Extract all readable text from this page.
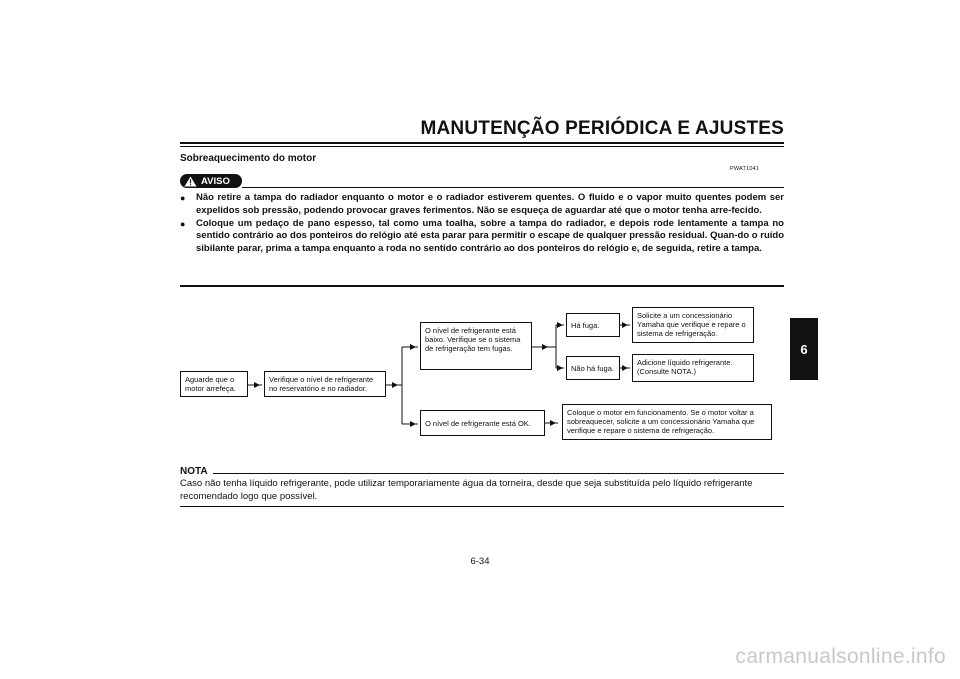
MANUTENÇÃO PERIÓDICA E AJUSTES
Sobreaquecimento do motor
PWAT1041
AVISO
●	Não retire a tampa do radiador enquanto o motor e o radiador estiverem quentes. O fluido e o vapor muito quentes podem ser expelidos sob pressão, podendo provocar graves ferimentos. Não se esqueça de aguardar até que o motor tenha arre-fecido.
●	Coloque um pedaço de pano espesso, tal como uma toalha, sobre a tampa do radiador, e depois rode lentamente a tampa no sentido contrário ao dos ponteiros do relógio até esta parar para permitir o escape de qualquer pressão residual. Quan-do o ruído sibilante parar, prima a tampa enquanto a roda no sentido contrário ao dos ponteiros do relógio e, de seguida, retire a tampa.
Aguarde que o motor arrefeça.
Verifique o nível de refrigerante no reservatório e no radiador.
O nível de refrigerante está baixo. Verifique se o sistema de refrigeração tem fugas.
O nível de refrigerante está OK.
Há fuga.
Não há fuga.
Solicite a um concessionário Yamaha que verifique e repare o sistema de refrigeração.
Adicione líquido refrigerante. (Consulte NOTA.)
Coloque o motor em funcionamento. Se o motor voltar a sobreaquecer, solicite a um concessionário Yamaha que verifique e repare o sistema de refrigeração.
NOTA
Caso não tenha líquido refrigerante, pode utilizar temporariamente água da torneira, desde que seja substituída pelo líquido refrigerante recomendado logo que possível.
6-34
6
carmanualsonline.info
